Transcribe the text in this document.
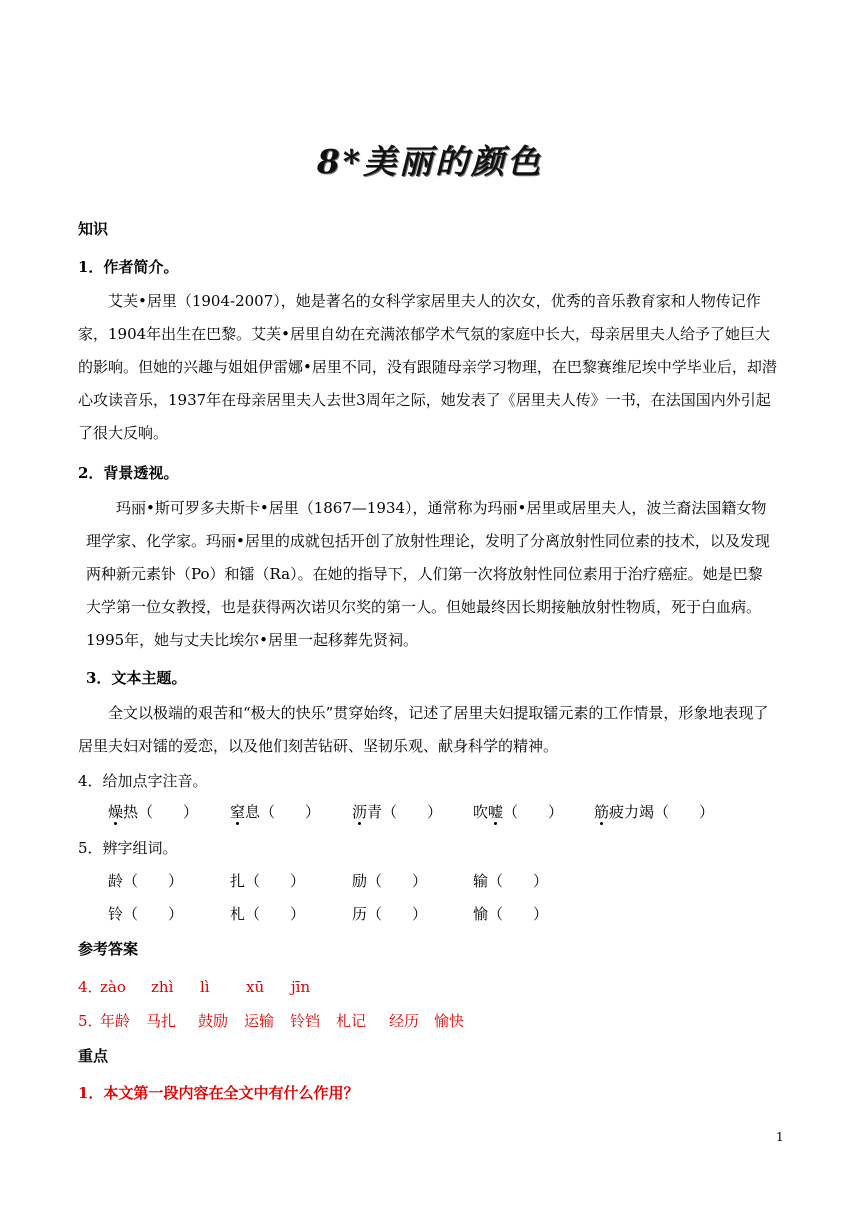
8*美丽的颜色
知识
1．作者简介。
艾芙•居里（1904-2007），她是著名的女科学家居里夫人的次女，优秀的音乐教育家和人物传记作家，1904年出生在巴黎。艾芙•居里自幼在充满浓郁学术气氛的家庭中长大，母亲居里夫人给予了她巨大的影响。但她的兴趣与姐姐伊雷娜•居里不同，没有跟随母亲学习物理，在巴黎赛维尼埃中学毕业后，却潜心攻读音乐，1937年在母亲居里夫人去世3周年之际，她发表了《居里夫人传》一书，在法国国内外引起了很大反响。
2．背景透视。
玛丽•斯可罗多夫斯卡•居里（1867—1934），通常称为玛丽•居里或居里夫人，波兰裔法国籍女物理学家、化学家。玛丽•居里的成就包括开创了放射性理论，发明了分离放射性同位素的技术，以及发现两种新元素钋（Po）和镭（Ra）。在她的指导下，人们第一次将放射性同位素用于治疗癌症。她是巴黎大学第一位女教授，也是获得两次诺贝尔奖的第一人。但她最终因长期接触放射性物质，死于白血病。1995年，她与丈夫比埃尔•居里一起移葬先贤祠。
3．文本主题。
全文以极端的艰苦和“极大的快乐”贯穿始终，记述了居里夫妇提取镭元素的工作情景，形象地表现了居里夫妇对镭的爱恋，以及他们刻苦钻研、坚韧乐观、献身科学的精神。
4．给加点字注音。
燥热（　　） 窒息（　　） 沥青（　　） 吹嘘（　　） 筋疲力竭（　　）
5．辨字组词。
龄（　　）	扎（　　）	励（　　）	输（　　）
铃（　　）	札（　　）	历（　　）	愉（　　）
参考答案
4．
zào zhì lì xū jīn
5．
年龄 马扎 鼓励 运输 铃铛 札记 经历 愉快
重点
1．本文第一段内容在全文中有什么作用？
1
